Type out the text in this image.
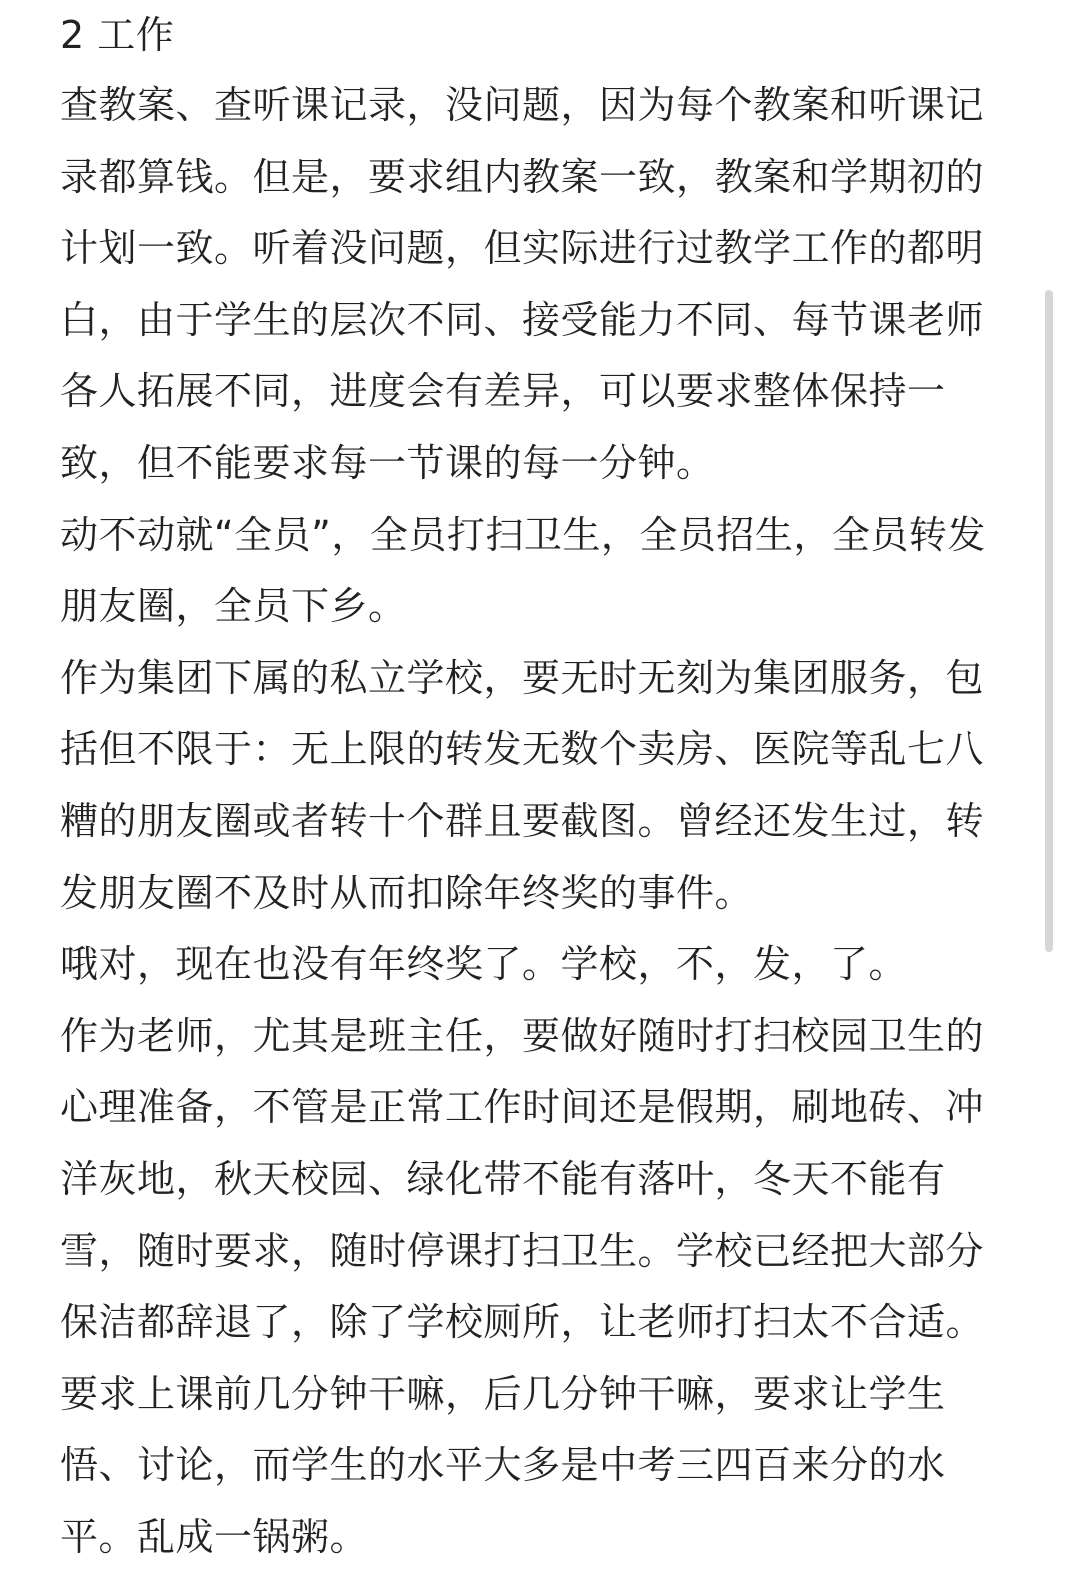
2 工作
查教案、查听课记录，没问题，因为每个教案和听课记
录都算钱。但是，要求组内教案一致，教案和学期初的
计划一致。听着没问题，但实际进行过教学工作的都明
白，由于学生的层次不同、接受能力不同、每节课老师
各人拓展不同，进度会有差异，可以要求整体保持一
致，但不能要求每一节课的每一分钟。
动不动就“全员”，全员打扫卫生，全员招生，全员转发
朋友圈，全员下乡。
作为集团下属的私立学校，要无时无刻为集团服务，包
括但不限于：无上限的转发无数个卖房、医院等乱七八
糟的朋友圈或者转十个群且要截图。曾经还发生过，转
发朋友圈不及时从而扣除年终奖的事件。
哦对，现在也没有年终奖了。学校，不，发，了。
作为老师，尤其是班主任，要做好随时打扫校园卫生的
心理准备，不管是正常工作时间还是假期，刷地砖、冲
洋灰地，秋天校园、绿化带不能有落叶，冬天不能有
雪，随时要求，随时停课打扫卫生。学校已经把大部分
保洁都辞退了，除了学校厕所，让老师打扫太不合适。
要求上课前几分钟干嘛，后几分钟干嘛，要求让学生
悟、讨论，而学生的水平大多是中考三四百来分的水
平。乱成一锅粥。
